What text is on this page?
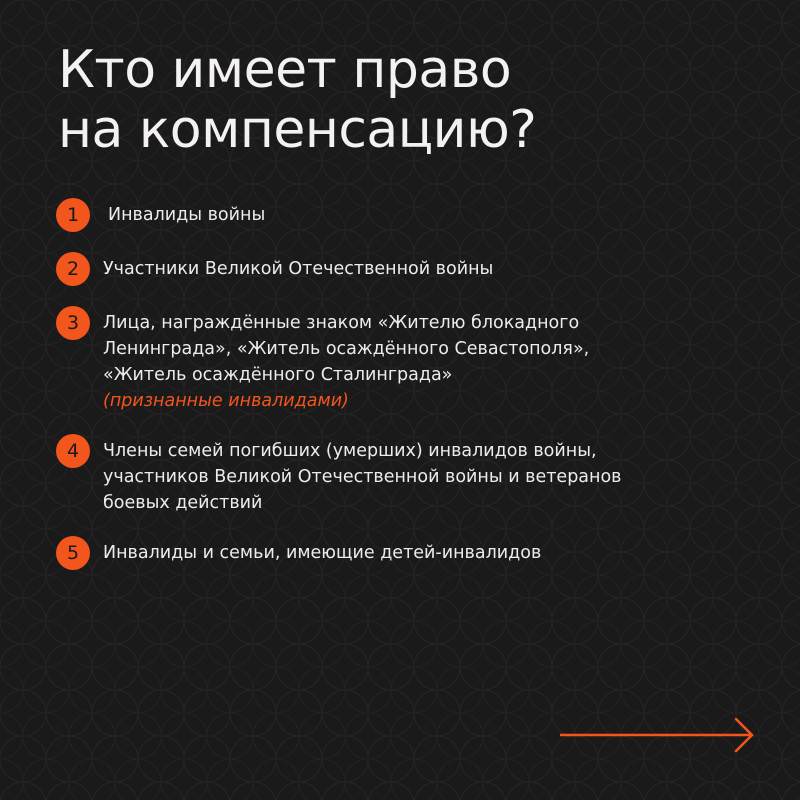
Кто имеет право
на компенсацию?
1	Инвалиды войны
2	Участники Великой Отечественной войны
3	Лица, награждённые знаком «Жителю блокадного
Ленинграда», «Житель осаждённого Севастополя»,
«Житель осаждённого Сталинграда»
(признанные инвалидами)
4	Члены семей погибших (умерших) инвалидов войны,
участников Великой Отечественной войны и ветеранов
боевых действий
5	Инвалиды и семьи, имеющие детей-инвалидов
